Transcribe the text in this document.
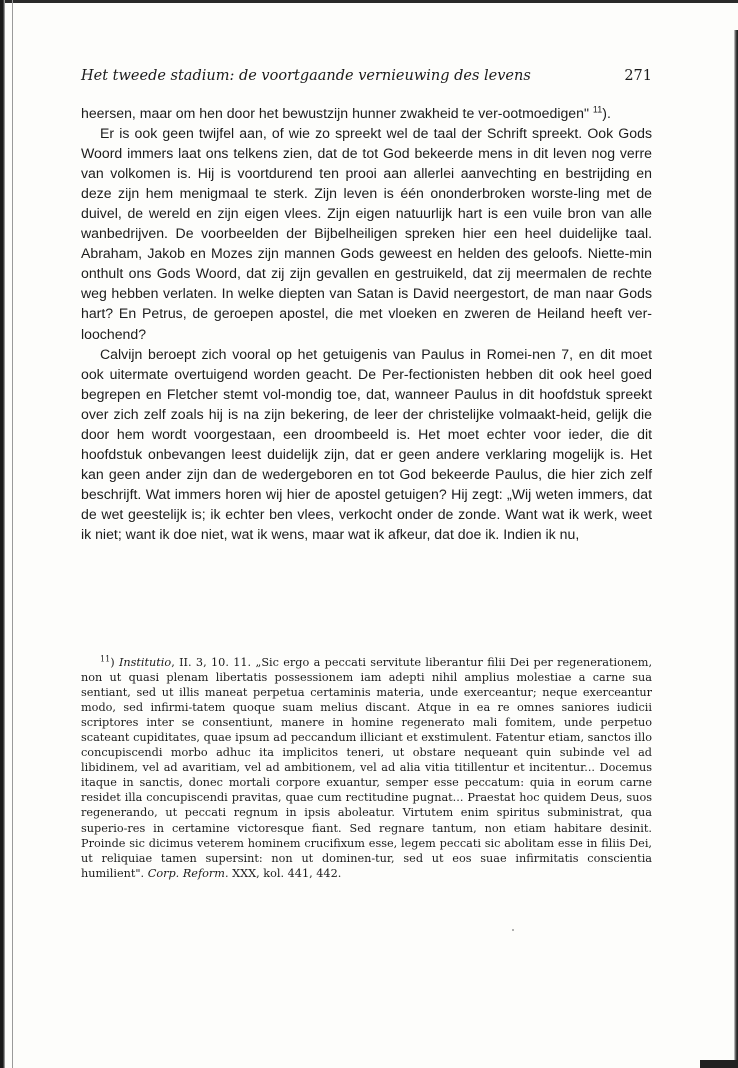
Het tweede stadium: de voortgaande vernieuwing des levens	271

heersen, maar om hen door het bewustzijn hunner zwakheid te ver-ootmoedigen" $^{11}$).

Er is ook geen twijfel aan, of wie zo spreekt wel de taal der Schrift spreekt. Ook Gods Woord immers laat ons telkens zien, dat de tot God bekeerde mens in dit leven nog verre van volkomen is. Hij is voortdurend ten prooi aan allerlei aanvechting en bestrijding en deze zijn hem menigmaal te sterk. Zijn leven is één ononderbroken worste-ling met de duivel, de wereld en zijn eigen vlees. Zijn eigen natuurlijk hart is een vuile bron van alle wanbedrijven. De voorbeelden der Bijbelheiligen spreken hier een heel duidelijke taal. Abraham, Jakob en Mozes zijn mannen Gods geweest en helden des geloofs. Niette-min onthult ons Gods Woord, dat zij zijn gevallen en gestruikeld, dat zij meermalen de rechte weg hebben verlaten. In welke diepten van Satan is David neergestort, de man naar Gods hart? En Petrus, de geroepen apostel, die met vloeken en zweren de Heiland heeft ver-loochend?

Calvijn beroept zich vooral op het getuigenis van Paulus in Romei-nen 7, en dit moet ook uitermate overtuigend worden geacht. De Per-fectionisten hebben dit ook heel goed begrepen en Fletcher stemt vol-mondig toe, dat, wanneer Paulus in dit hoofdstuk spreekt over zich zelf zoals hij is na zijn bekering, de leer der christelijke volmaakt-heid, gelijk die door hem wordt voorgestaan, een droombeeld is. Het moet echter voor ieder, die dit hoofdstuk onbevangen leest duidelijk zijn, dat er geen andere verklaring mogelijk is. Het kan geen ander zijn dan de wedergeboren en tot God bekeerde Paulus, die hier zich zelf beschrijft. Wat immers horen wij hier de apostel getuigen? Hij zegt: „Wij weten immers, dat de wet geestelijk is; ik echter ben vlees, verkocht onder de zonde. Want wat ik werk, weet ik niet; want ik doe niet, wat ik wens, maar wat ik afkeur, dat doe ik. Indien ik nu,

$^{11}$) Institutio, II. 3, 10. 11. „Sic ergo a peccati servitute liberantur filii Dei per regenerationem, non ut quasi plenam libertatis possessionem iam adepti nihil amplius molestiae a carne sua sentiant, sed ut illis maneat perpetua certaminis materia, unde exerceantur; neque exerceantur modo, sed infirmi-tatem quoque suam melius discant. Atque in ea re omnes saniores iudicii scriptores inter se consentiunt, manere in homine regenerato mali fomitem, unde perpetuo scateant cupiditates, quae ipsum ad peccandum illiciant et exstimulent. Fatentur etiam, sanctos illo concupiscendi morbo adhuc ita implicitos teneri, ut obstare nequeant quin subinde vel ad libidinem, vel ad avaritiam, vel ad ambitionem, vel ad alia vitia titillentur et incitentur... Docemus itaque in sanctis, donec mortali corpore exuantur, semper esse peccatum: quia in eorum carne residet illa concupiscendi pravitas, quae cum rectitudine pugnat... Praestat hoc quidem Deus, suos regenerando, ut peccati regnum in ipsis aboleatur. Virtutem enim spiritus subministrat, qua superio-res in certamine victoresque fiant. Sed regnare tantum, non etiam habitare desinit. Proinde sic dicimus veterem hominem crucifixum esse, legem peccati sic abolitam esse in filiis Dei, ut reliquiae tamen supersint: non ut dominen-tur, sed ut eos suae infirmitatis conscientia humilient". Corp. Reform. XXX, kol. 441, 442.
